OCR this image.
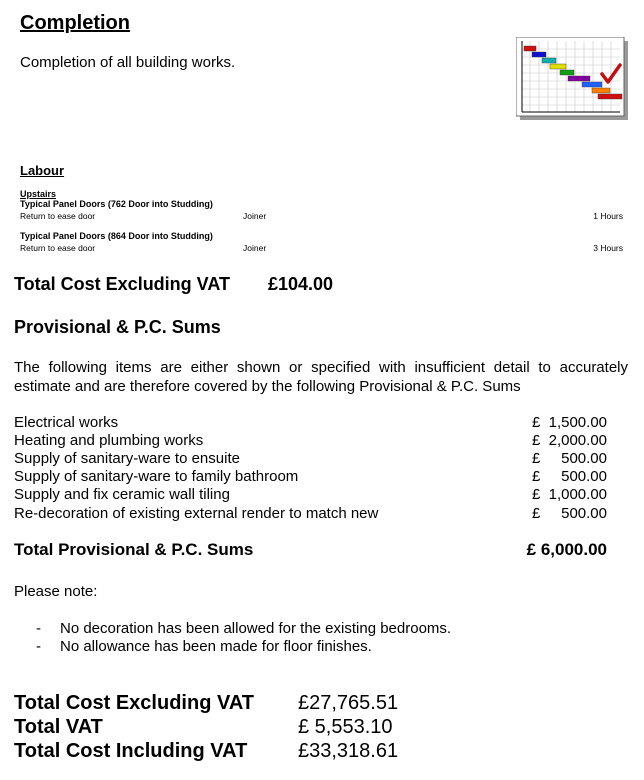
Completion
Completion of all building works.
Labour
Upstairs
Typical Panel Doors (762 Door into Studding)
Return to ease door	Joiner	1 Hours
Typical Panel Doors (864 Door into Studding)
Return to ease door	Joiner	3 Hours
Total Cost Excluding VAT £104.00
Provisional & P.C. Sums
The following items are either shown or specified with insufficient detail to accurately estimate and are therefore covered by the following Provisional & P.C. Sums
Electrical works	£ 1,500.00
Heating and plumbing works	£ 2,000.00
Supply of sanitary-ware to ensuite	£	500.00
Supply of sanitary-ware to family bathroom	£	500.00
Supply and fix ceramic wall tiling	£ 1,000.00
Re-decoration of existing external render to match new	£	500.00
Total Provisional & P.C. Sums	£ 6,000.00
Please note:
- No decoration has been allowed for the existing bedrooms.
- No allowance has been made for floor finishes.
Total Cost Excluding VAT £27,765.51
Total VAT	£ 5,553.10
Total Cost Including VAT	£33,318.61
